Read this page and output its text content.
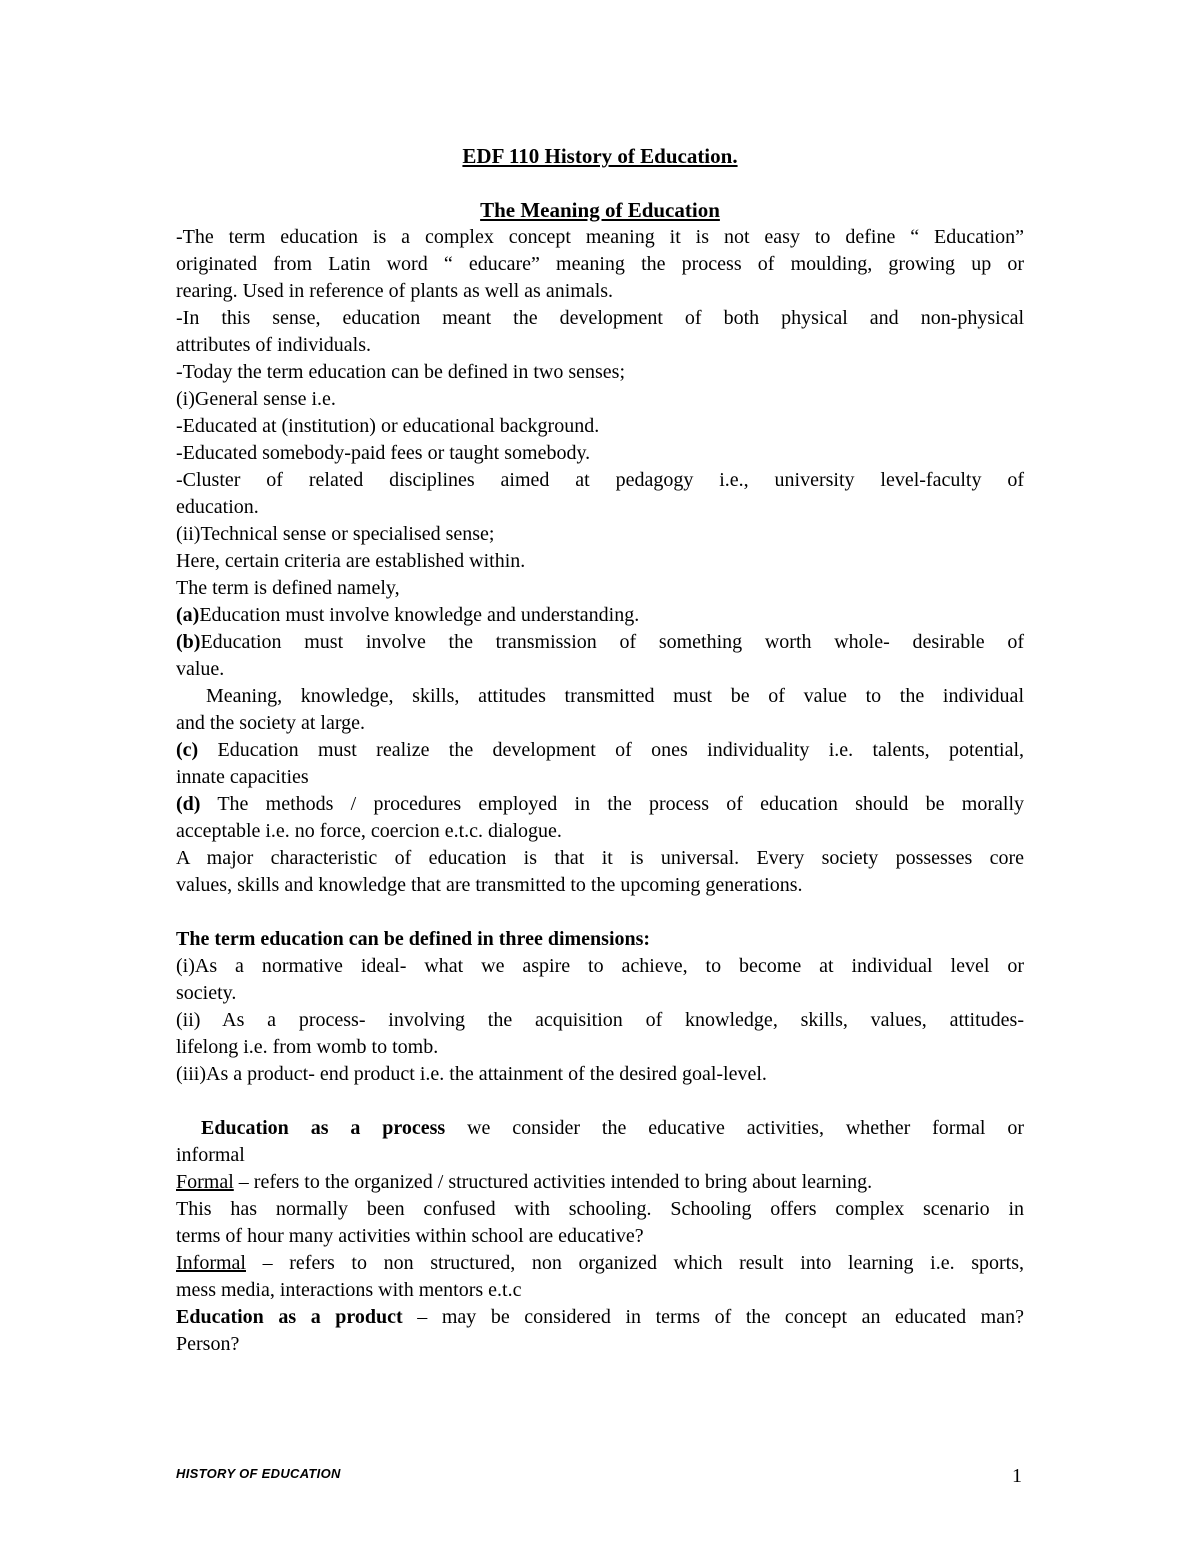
EDF 110 History of Education.
The Meaning of Education

-The term education is a complex concept meaning it is not easy to define “ Education”

originated from Latin word “ educare” meaning the process of moulding, growing up or

rearing. Used in reference of plants as well as animals.

-In this sense, education meant the development of both physical and non-physical

attributes of individuals.

-Today the term education can be defined in two senses;

(i)General sense i.e.

-Educated at (institution) or educational background.

-Educated somebody-paid fees or taught somebody.

-Cluster of related disciplines aimed at pedagogy i.e., university level-faculty of

education.

(ii)Technical sense or specialised sense;

Here, certain criteria are established within.

The term is defined namely,

(a)Education must involve knowledge and understanding.

(b)Education must involve the transmission of something worth whole- desirable of

value.

Meaning, knowledge, skills, attitudes transmitted must be of value to the individual

and the society at large.

(c) Education must realize the development of ones individuality i.e. talents, potential,

innate capacities

(d) The methods / procedures employed in the process of education should be morally

acceptable i.e. no force, coercion e.t.c. dialogue.

A major characteristic of education is that it is universal. Every society possesses core

values, skills and knowledge that are transmitted to the upcoming generations.

The term education can be defined in three dimensions:

(i)As a normative ideal- what we aspire to achieve, to become at individual level or

society.

(ii) As a process- involving the acquisition of knowledge, skills, values, attitudes-

lifelong i.e. from womb to tomb.

(iii)As a product- end product i.e. the attainment of the desired goal-level.

Education as a process we consider the educative activities, whether formal or

informal

Formal – refers to the organized / structured activities intended to bring about learning.

This has normally been confused with schooling. Schooling offers complex scenario in

terms of hour many activities within school are educative?

Informal – refers to non structured, non organized which result into learning i.e. sports,

mess media, interactions with mentors e.t.c

Education as a product – may be considered in terms of the concept an educated man?

Person?

HISTORY OF EDUCATION	1
